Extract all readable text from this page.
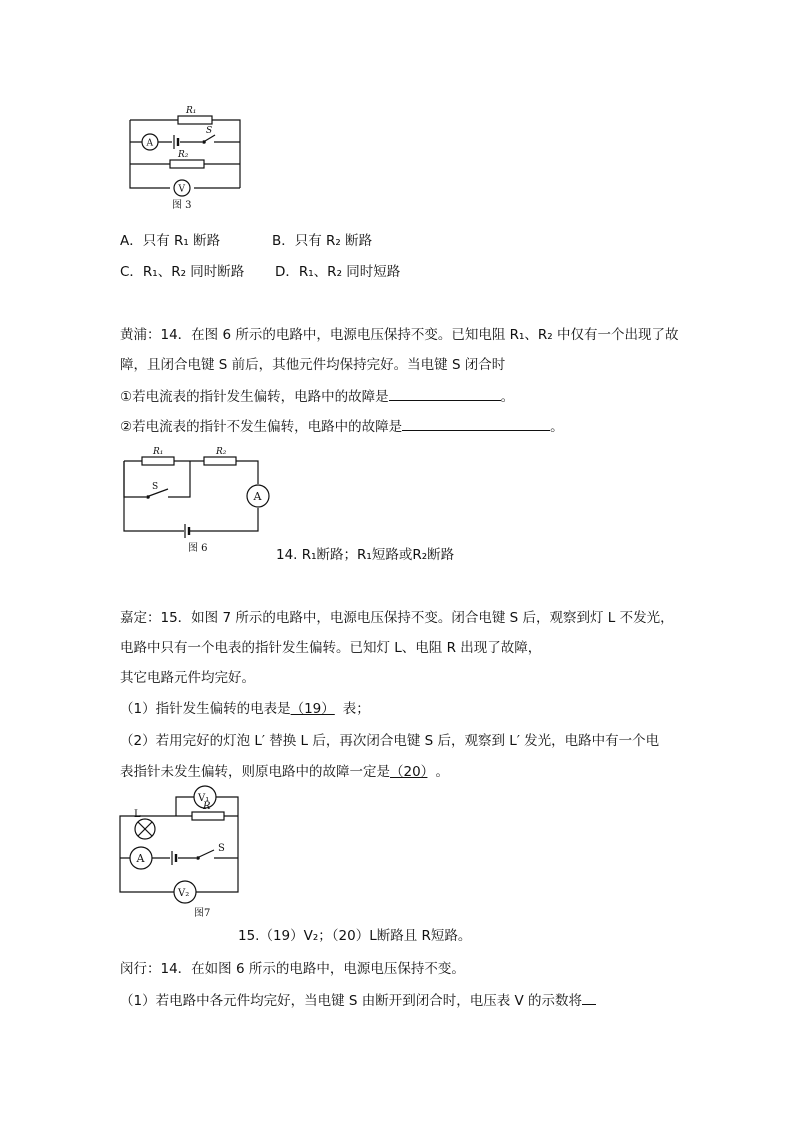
R₁
A
S
R₂
V
图 3
A．只有 R₁ 断路	B．只有 R₂ 断路
C．R₁、R₂ 同时断路 D．R₁、R₂ 同时短路
黄浦：14．在图 6 所示的电路中，电源电压保持不变。已知电阻 R₁、R₂ 中仅有一个出现了故
障，且闭合电键 S 前后，其他元件均保持完好。当电键 S 闭合时
①若电流表的指针发生偏转，电路中的故障是	。
②若电流表的指针不发生偏转，电路中的故障是	。
R₁	R₂
S
A
图 6	14. R₁断路；R₁短路或R₂断路
嘉定：15．如图 7 所示的电路中，电源电压保持不变。闭合电键 S 后，观察到灯 L 不发光，
电路中只有一个电表的指针发生偏转。已知灯 L、电阻 R 出现了故障，
其它电路元件均完好。
（1）指针发生偏转的电表是（19） 表；
（2）若用完好的灯泡 L′ 替换 L 后，再次闭合电键 S 后，观察到 L′ 发光，电路中有一个电
表指针未发生偏转，则原电路中的故障一定是（20） 。
V₁
L
R
A
S
V₂
图7
15.（19）V₂；（20）L断路且 R短路。
闵行：14．在如图 6 所示的电路中，电源电压保持不变。
（1）若电路中各元件均完好，当电键 S 由断开到闭合时，电压表 V 的示数将
